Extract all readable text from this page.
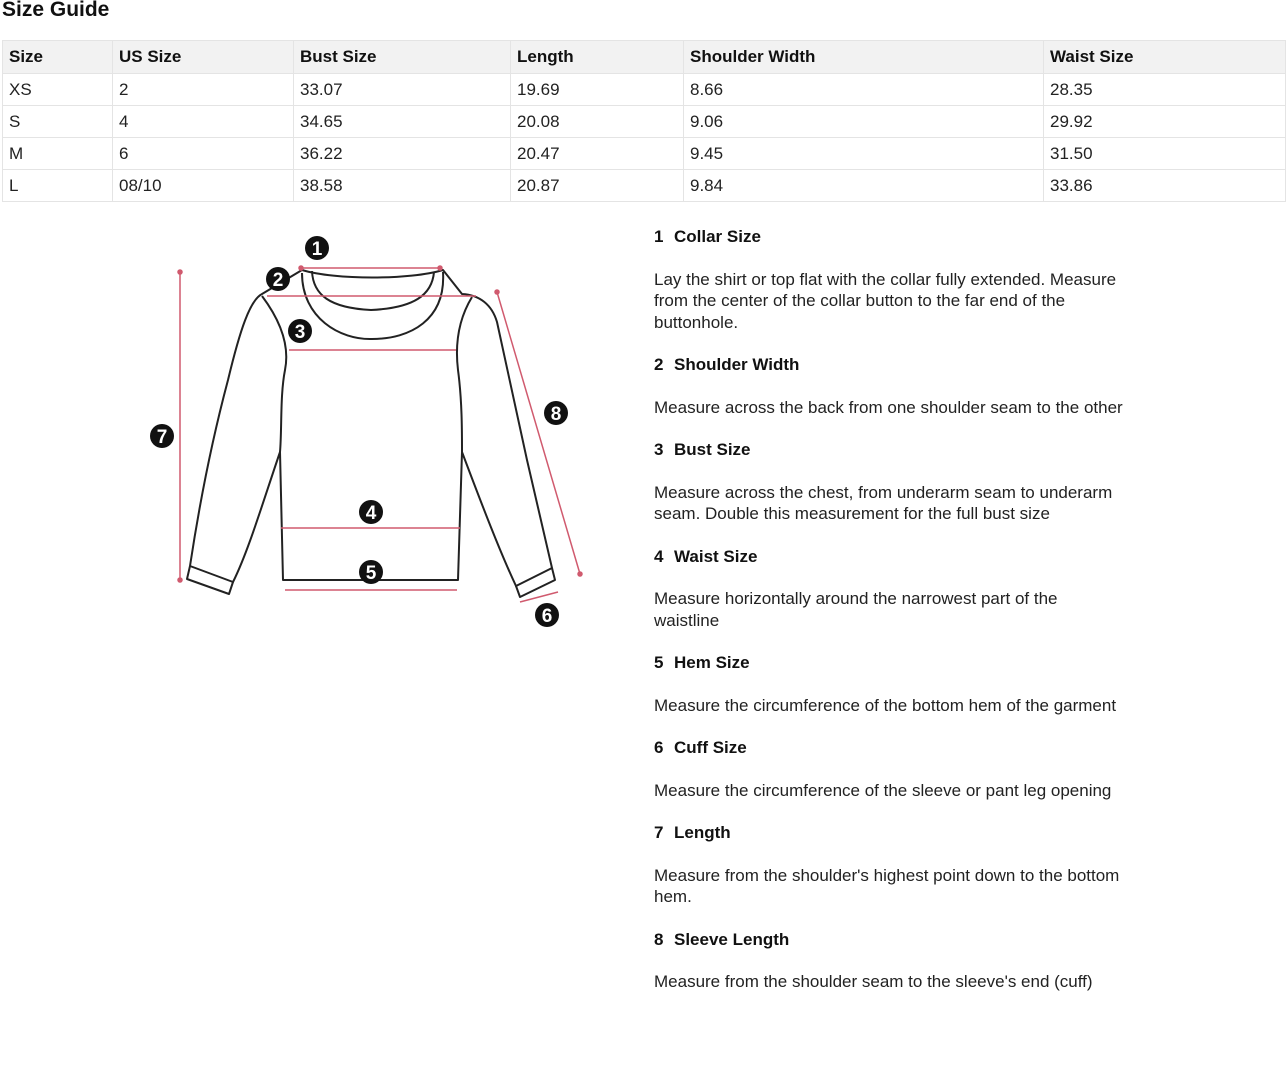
Size Guide
Size	US Size	Bust Size	Length	Shoulder Width	Waist Size
XS	2	33.07	19.69	8.66	28.35
S	4	34.65	20.08	9.06	29.92
M	6	36.22	20.47	9.45	31.50
L	08/10	38.58	20.87	9.84	33.86
1
2
3
4
5
6
7
8

1 Collar Size

Lay the shirt or top flat with the collar fully extended. Measure from the center of the collar button to the far end of the buttonhole.

2 Shoulder Width

Measure across the back from one shoulder seam to the other

3 Bust Size

Measure across the chest, from underarm seam to underarm seam. Double this measurement for the full bust size

4 Waist Size

Measure horizontally around the narrowest part of the waistline

5 Hem Size

Measure the circumference of the bottom hem of the garment

6 Cuff Size

Measure the circumference of the sleeve or pant leg opening

7 Length

Measure from the shoulder's highest point down to the bottom hem.

8 Sleeve Length

Measure from the shoulder seam to the sleeve's end (cuff)
